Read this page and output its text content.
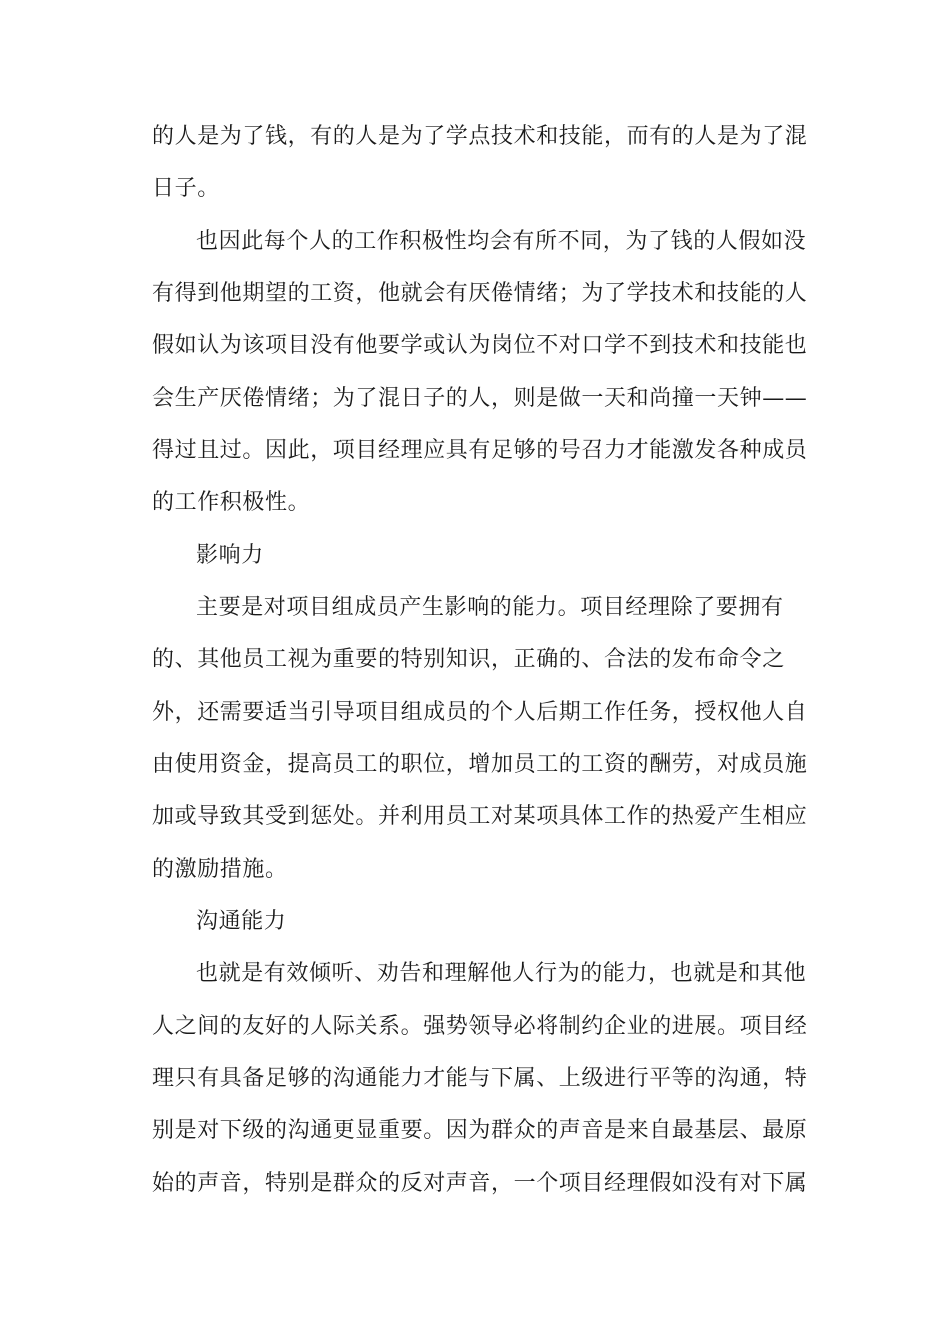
的人是为了钱，有的人是为了学点技术和技能，而有的人是为了混
日子。
也因此每个人的工作积极性均会有所不同，为了钱的人假如没
有得到他期望的工资，他就会有厌倦情绪；为了学技术和技能的人
假如认为该项目没有他要学或认为岗位不对口学不到技术和技能也
会生产厌倦情绪；为了混日子的人，则是做一天和尚撞一天钟——
得过且过。因此，项目经理应具有足够的号召力才能激发各种成员
的工作积极性。
影响力
主要是对项目组成员产生影响的能力。项目经理除了要拥有
的、其他员工视为重要的特别知识，正确的、合法的发布命令之
外，还需要适当引导项目组成员的个人后期工作任务，授权他人自
由使用资金，提高员工的职位，增加员工的工资的酬劳，对成员施
加或导致其受到惩处。并利用员工对某项具体工作的热爱产生相应
的激励措施。
沟通能力
也就是有效倾听、劝告和理解他人行为的能力，也就是和其他
人之间的友好的人际关系。强势领导必将制约企业的进展。项目经
理只有具备足够的沟通能力才能与下属、上级进行平等的沟通，特
别是对下级的沟通更显重要。因为群众的声音是来自最基层、最原
始的声音，特别是群众的反对声音，一个项目经理假如没有对下属
